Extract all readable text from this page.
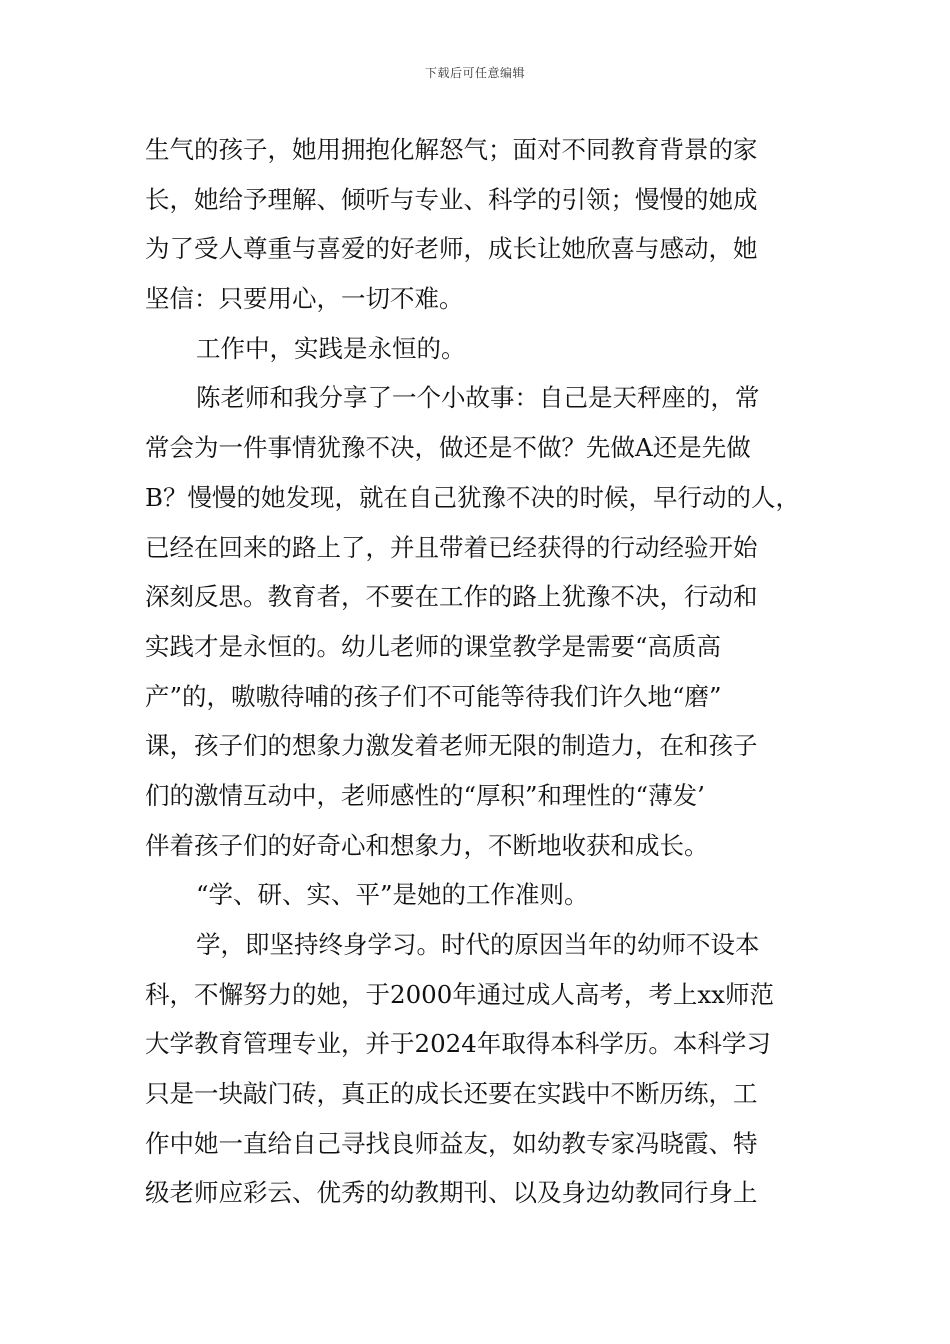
下载后可任意编辑
生气的孩子，她用拥抱化解怒气；面对不同教育背景的家
长，她给予理解、倾听与专业、科学的引领；慢慢的她成
为了受人尊重与喜爱的好老师，成长让她欣喜与感动，她
坚信：只要用心，一切不难。
工作中，实践是永恒的。
陈老师和我分享了一个小故事：自己是天秤座的，常
常会为一件事情犹豫不决，做还是不做？先做A还是先做
B？慢慢的她发现，就在自己犹豫不决的时候，早行动的人，
已经在回来的路上了，并且带着已经获得的行动经验开始
深刻反思。教育者，不要在工作的路上犹豫不决，行动和
实践才是永恒的。幼儿老师的课堂教学是需要“高质高
产”的，嗷嗷待哺的孩子们不可能等待我们许久地“磨”
课，孩子们的想象力激发着老师无限的制造力，在和孩子
们的激情互动中，老师感性的“厚积”和理性的“薄发’
伴着孩子们的好奇心和想象力，不断地收获和成长。
“学、研、实、平”是她的工作准则。
学，即坚持终身学习。时代的原因当年的幼师不设本
科，不懈努力的她，于2000年通过成人高考，考上xx师范
大学教育管理专业，并于2024年取得本科学历。本科学习
只是一块敲门砖，真正的成长还要在实践中不断历练，工
作中她一直给自己寻找良师益友，如幼教专家冯晓霞、特
级老师应彩云、优秀的幼教期刊、以及身边幼教同行身上
